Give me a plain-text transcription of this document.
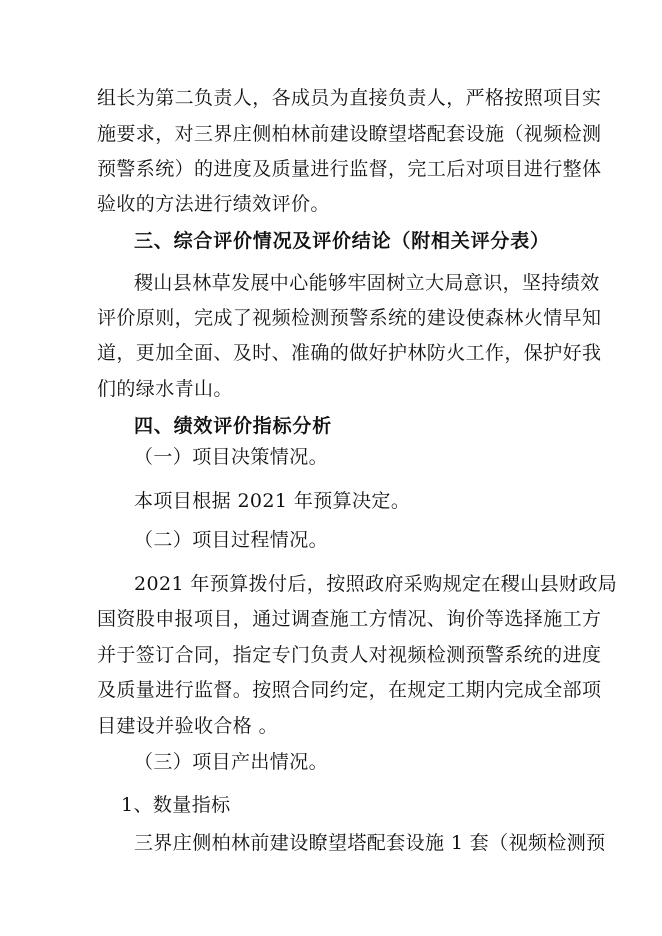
组长为第二负责人，各成员为直接负责人，严格按照项目实
施要求，对三界庄侧柏林前建设瞭望塔配套设施（视频检测
预警系统）的进度及质量进行监督，完工后对项目进行整体
验收的方法进行绩效评价。
三、综合评价情况及评价结论（附相关评分表）
稷山县林草发展中心能够牢固树立大局意识，坚持绩效
评价原则，完成了视频检测预警系统的建设使森林火情早知
道，更加全面、及时、准确的做好护林防火工作，保护好我
们的绿水青山。
四、绩效评价指标分析
（一）项目决策情况。
本项目根据 2021 年预算决定。
（二）项目过程情况。
2021 年预算拨付后，按照政府采购规定在稷山县财政局
国资股申报项目，通过调查施工方情况、询价等选择施工方
并于签订合同，指定专门负责人对视频检测预警系统的进度
及质量进行监督。按照合同约定，在规定工期内完成全部项
目建设并验收合格 。
（三）项目产出情况。
1、数量指标
三界庄侧柏林前建设瞭望塔配套设施 1 套（视频检测预
